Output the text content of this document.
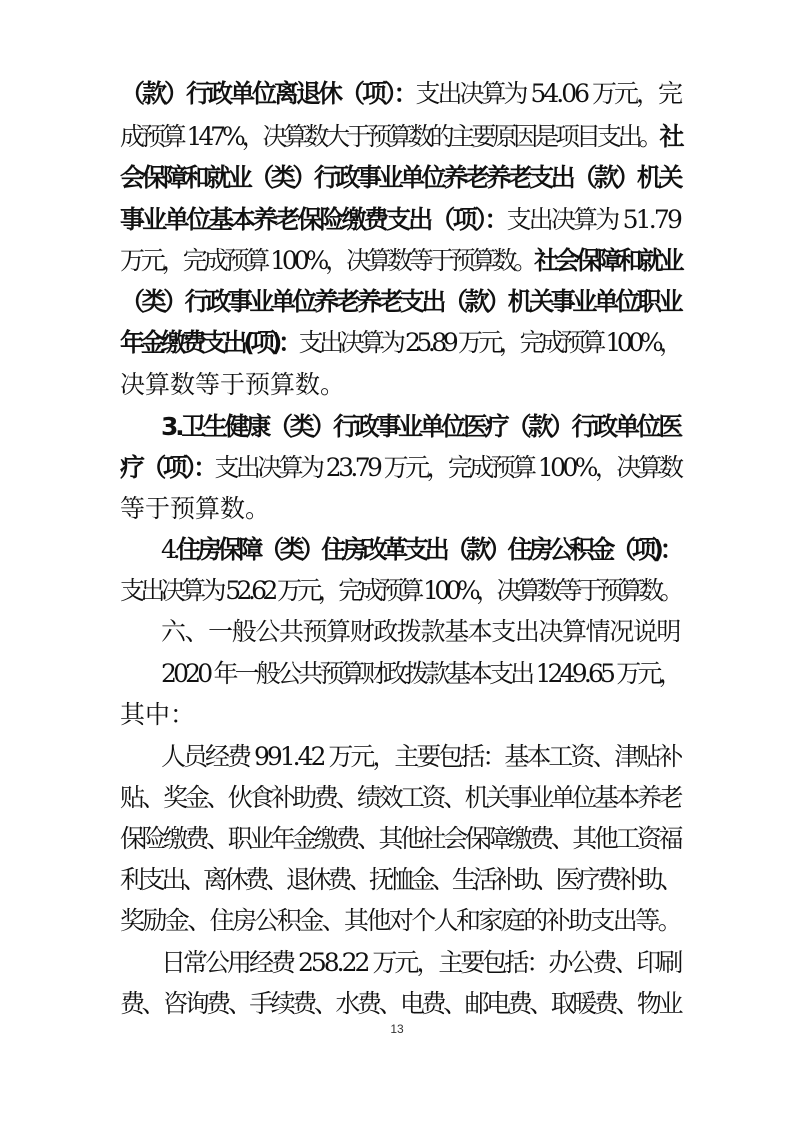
（款）行政单位离退休（项）：支出决算为 54.06 万元，完
成预算 147%，决算数大于预算数的主要原因是项目支出。社
会保障和就业（类）行政事业单位养老养老支出（款）机关
事业单位基本养老保险缴费支出（项）：支出决算为 51.79
万元，完成预算 100%，决算数等于预算数。社会保障和就业
（类）行政事业单位养老养老支出（款）机关事业单位职业
年金缴费支出(项)：支出决算为 25.89 万元，完成预算 100%，
决算数等于预算数。
3.卫生健康（类）行政事业单位医疗（款）行政单位医
疗（项）：支出决算为 23.79 万元，完成预算 100%，决算数
等于预算数。
4.住房保障（类）住房改革支出（款）住房公积金（项)：
支出决算为 52.62 万元，完成预算 100%，决算数等于预算数。
六、一般公共预算财政拨款基本支出决算情况说明
2020 年一般公共预算财政拨款基本支出 1249.65 万元，
其中：
人员经费 991.42 万元，主要包括：基本工资、津贴补
贴、奖金、伙食补助费、绩效工资、机关事业单位基本养老
保险缴费、职业年金缴费、其他社会保障缴费、其他工资福
利支出、离休费、退休费、抚恤金、生活补助、医疗费补助、
奖励金、住房公积金、其他对个人和家庭的补助支出等。
日常公用经费 258.22 万元，主要包括：办公费、印刷
费、咨询费、手续费、水费、电费、邮电费、取暖费、物业
13
